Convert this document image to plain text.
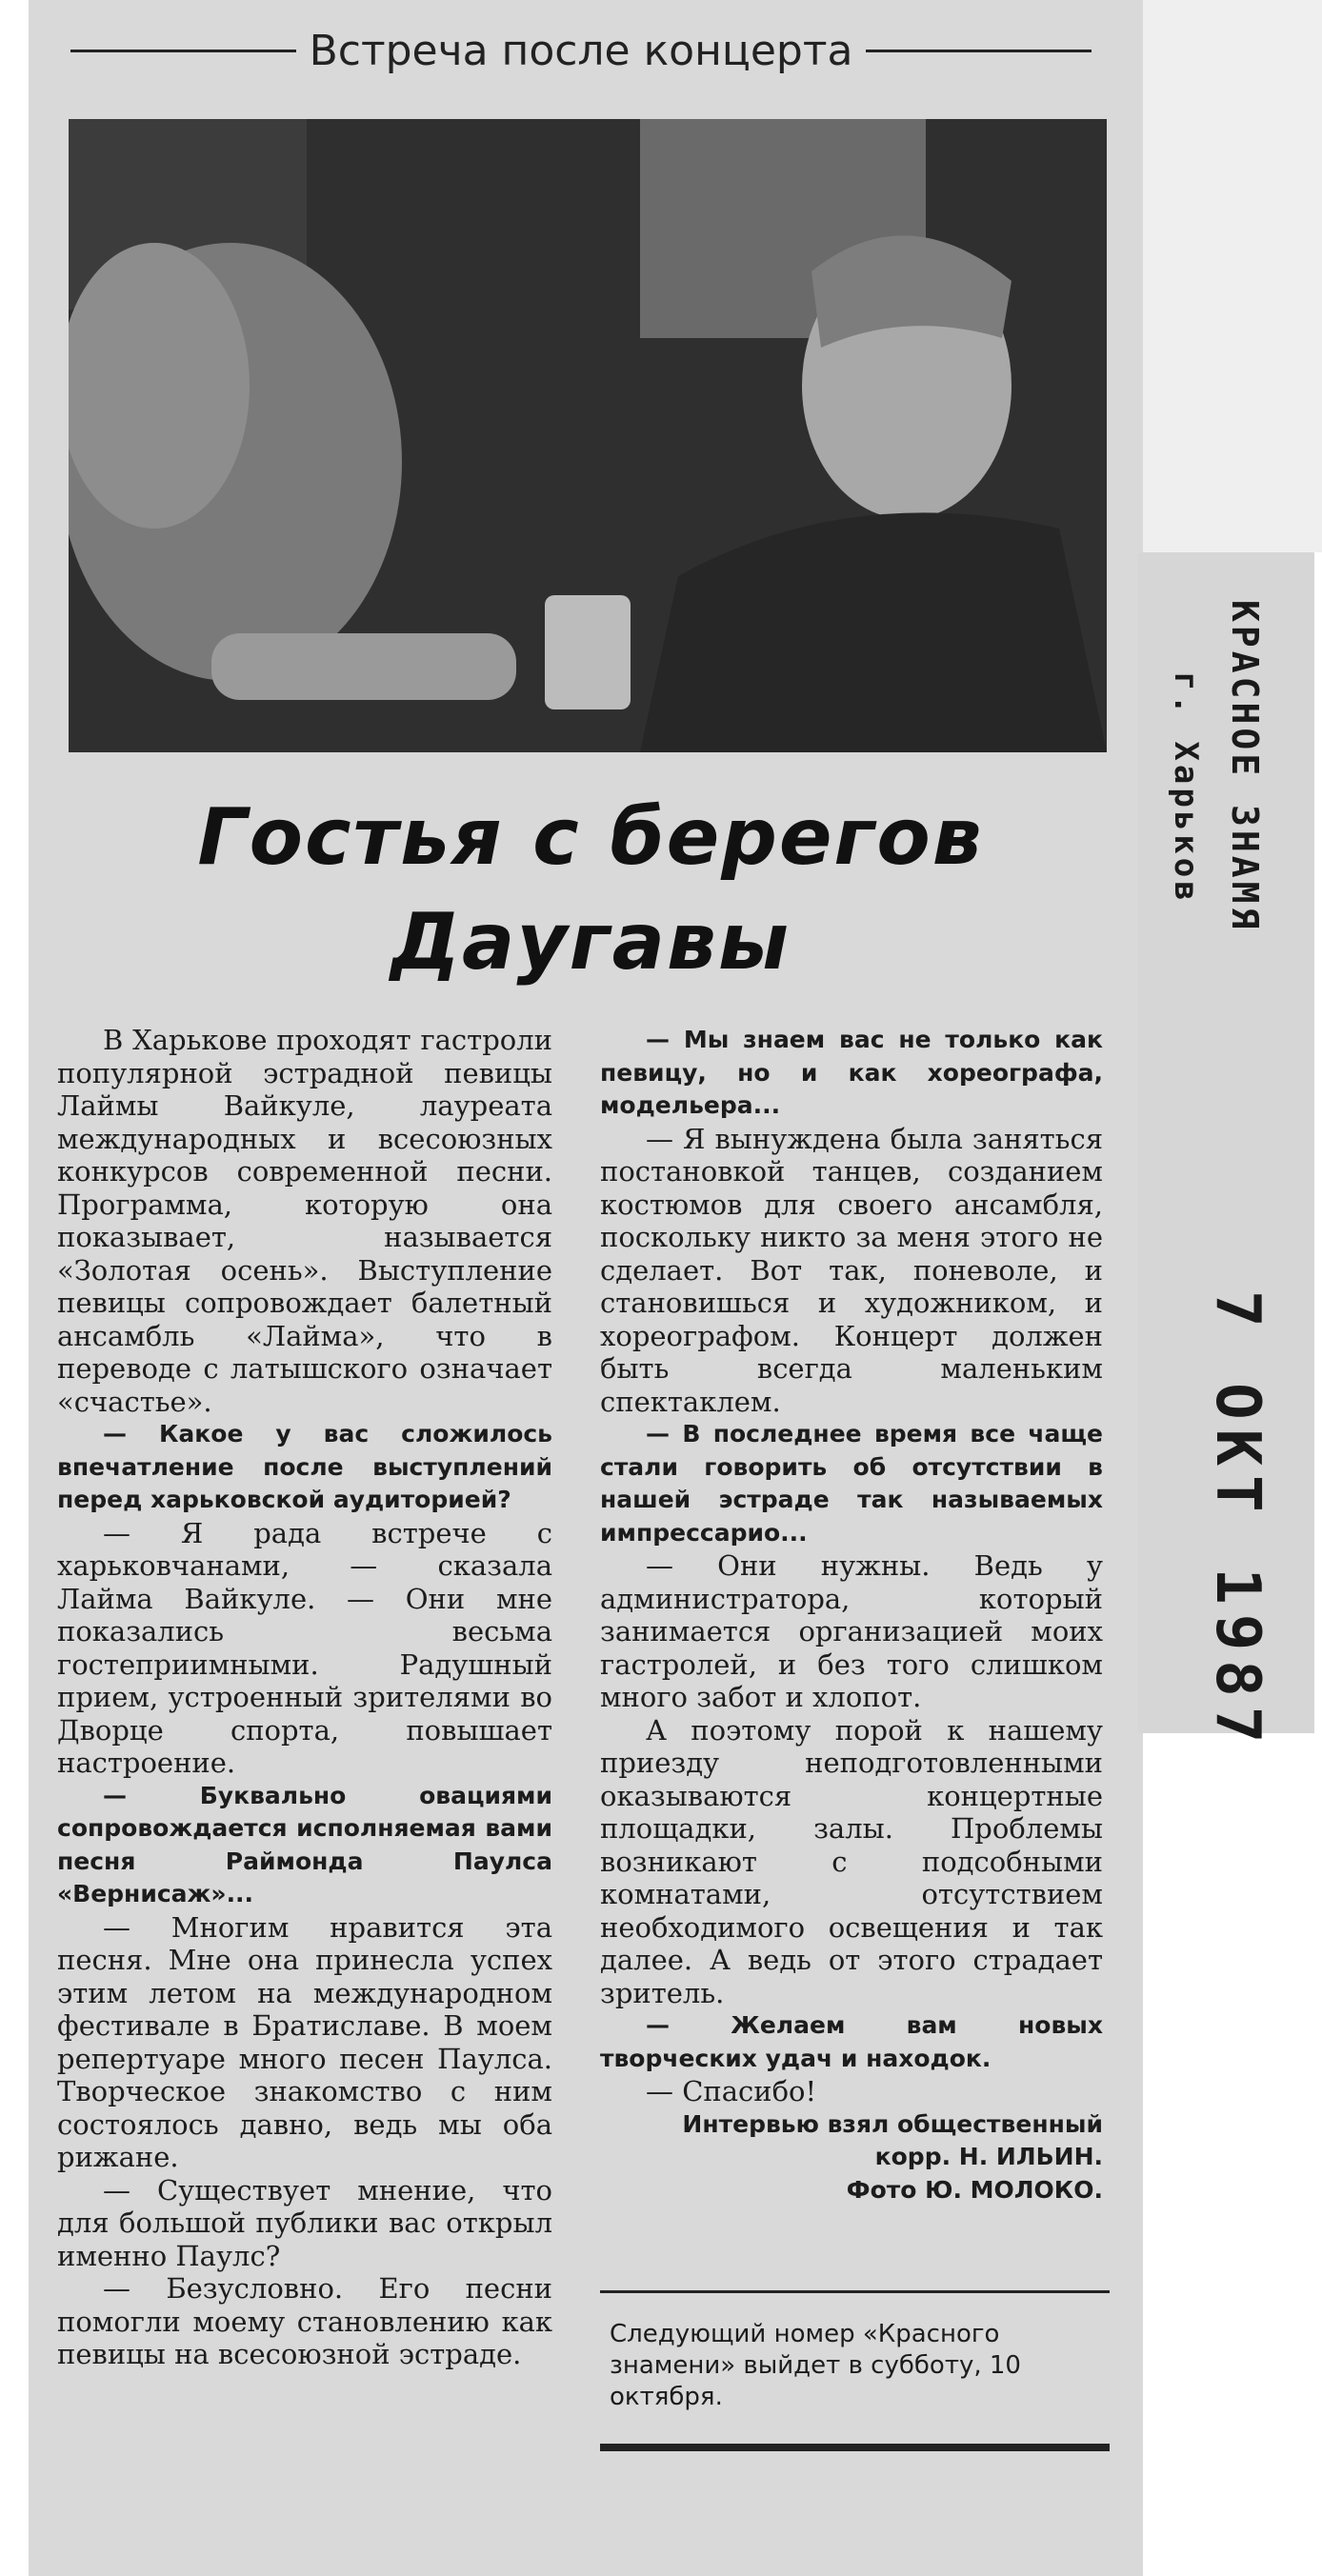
Встреча после концерта
Гостья с берегов
Даугавы

В Харькове проходят гастроли популярной эстрадной певицы Лаймы Вайкуле, лауреата международных и всесоюзных конкурсов современной песни. Программа, которую она показывает, называется «Золотая осень». Выступление певицы сопровождает балетный ансамбль «Лайма», что в переводе с латышского означает «счастье».

— Какое у вас сложилось впечатление после выступлений перед харьковской аудиторией?

— Я рада встрече с харьковчанами, — сказала Лайма Вайкуле. — Они мне показались весьма гостеприимными. Радушный прием, устроенный зрителями во Дворце спорта, повышает настроение.

— Буквально овациями сопровождается исполняемая вами песня Раймонда Паулса «Вернисаж»...

— Многим нравится эта песня. Мне она принесла успех этим летом на международном фестивале в Братиславе. В моем репертуаре много песен Паулса. Творческое знакомство с ним состоялось давно, ведь мы оба рижане.

— Существует мнение, что для большой публики вас открыл именно Паулс?

— Безусловно. Его песни помогли моему становлению как певицы на всесоюзной эстраде.

— Мы знаем вас не только как певицу, но и как хореографа, модельера...

— Я вынуждена была заняться постановкой танцев, созданием костюмов для своего ансамбля, поскольку никто за меня этого не сделает. Вот так, поневоле, и становишься и художником, и хореографом. Концерт должен быть всегда маленьким спектаклем.

— В последнее время все чаще стали говорить об отсутствии в нашей эстраде так называемых импрессарио...

— Они нужны. Ведь у администратора, который занимается организацией моих гастролей, и без того слишком много забот и хлопот.

А поэтому порой к нашему приезду неподготовленными оказываются концертные площадки, залы. Проблемы возникают с подсобными комнатами, отсутствием необходимого освещения и так далее. А ведь от этого страдает зритель.

— Желаем вам новых творческих удач и находок.

— Спасибо!

Интервью взял общественный корр. Н. ИЛЬИН.
Фото Ю. МОЛОКО.
Следующий номер «Красного знамени» выйдет в субботу, 10 октября.
КРАСНОЕ ЗНАМЯ
г. Харьков
7 ОКТ 1987
